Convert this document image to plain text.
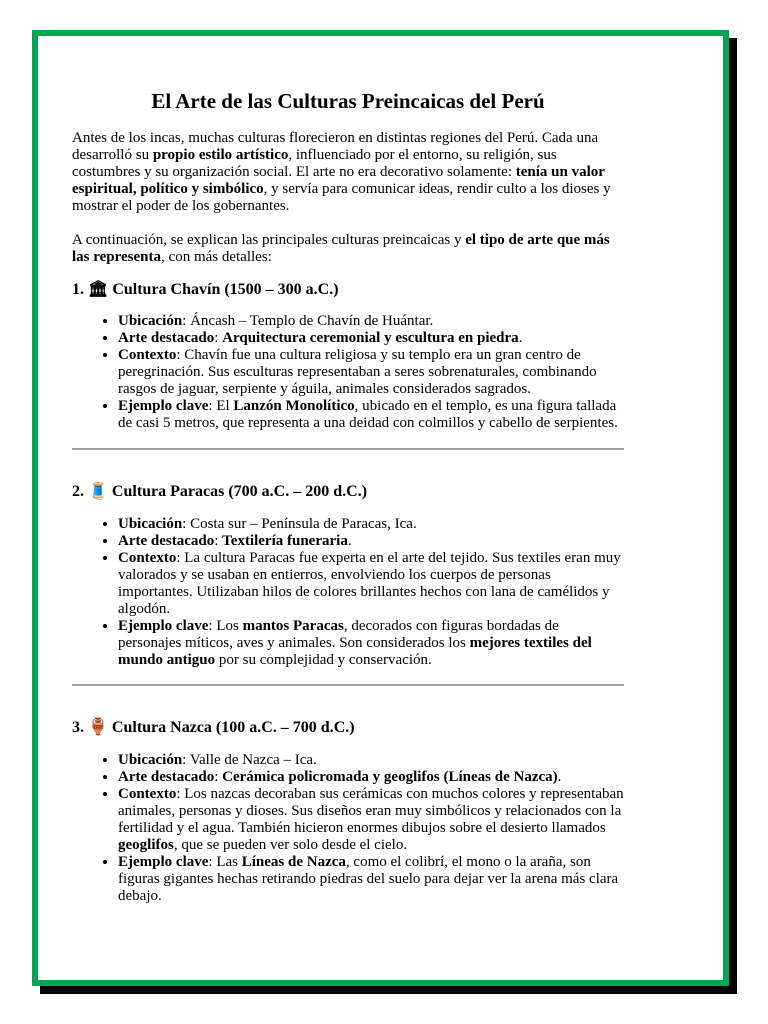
El Arte de las Culturas Preincaicas del Perú

Antes de los incas, muchas culturas florecieron en distintas regiones del Perú. Cada una desarrolló su propio estilo artístico, influenciado por el entorno, su religión, sus costumbres y su organización social. El arte no era decorativo solamente: tenía un valor espiritual, político y simbólico, y servía para comunicar ideas, rendir culto a los dioses y mostrar el poder de los gobernantes.

A continuación, se explican las principales culturas preincaicas y el tipo de arte que más las representa, con más detalles:

1. 🏛 Cultura Chavín (1500 – 300 a.C.)
• Ubicación: Áncash – Templo de Chavín de Huántar.
• Arte destacado: Arquitectura ceremonial y escultura en piedra.
• Contexto: Chavín fue una cultura religiosa y su templo era un gran centro de peregrinación. Sus esculturas representaban a seres sobrenaturales, combinando rasgos de jaguar, serpiente y águila, animales considerados sagrados.
• Ejemplo clave: El Lanzón Monolítico, ubicado en el templo, es una figura tallada de casi 5 metros, que representa a una deidad con colmillos y cabello de serpientes.
2. 🧵 Cultura Paracas (700 a.C. – 200 d.C.)
• Ubicación: Costa sur – Península de Paracas, Ica.
• Arte destacado: Textilería funeraria.
• Contexto: La cultura Paracas fue experta en el arte del tejido. Sus textiles eran muy valorados y se usaban en entierros, envolviendo los cuerpos de personas importantes. Utilizaban hilos de colores brillantes hechos con lana de camélidos y algodón.
• Ejemplo clave: Los mantos Paracas, decorados con figuras bordadas de personajes míticos, aves y animales. Son considerados los mejores textiles del mundo antiguo por su complejidad y conservación.
3. 🏺 Cultura Nazca (100 a.C. – 700 d.C.)
• Ubicación: Valle de Nazca – Ica.
• Arte destacado: Cerámica policromada y geoglifos (Líneas de Nazca).
• Contexto: Los nazcas decoraban sus cerámicas con muchos colores y representaban animales, personas y dioses. Sus diseños eran muy simbólicos y relacionados con la fertilidad y el agua. También hicieron enormes dibujos sobre el desierto llamados geoglifos, que se pueden ver solo desde el cielo.
• Ejemplo clave: Las Líneas de Nazca, como el colibrí, el mono o la araña, son figuras gigantes hechas retirando piedras del suelo para dejar ver la arena más clara debajo.
